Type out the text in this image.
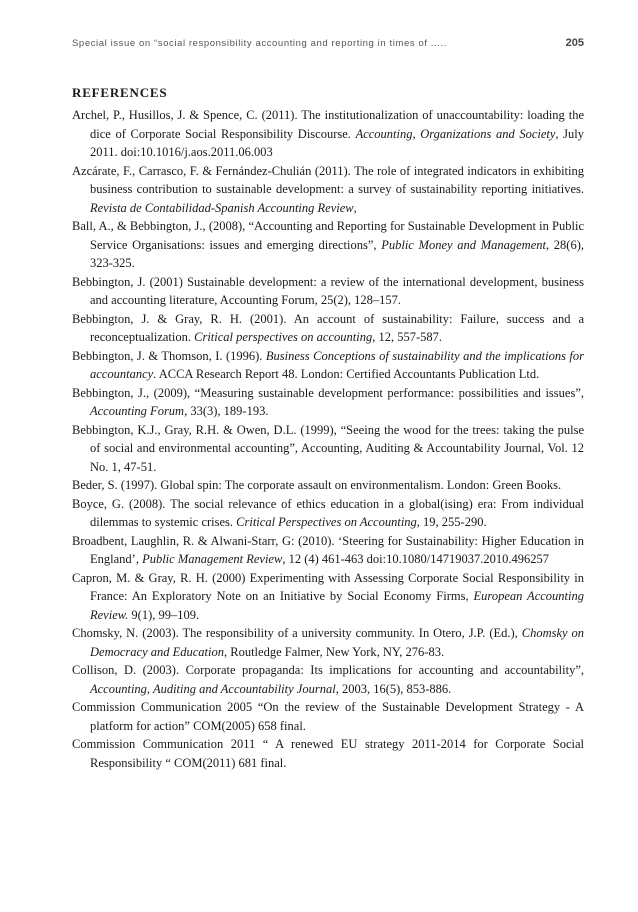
Special issue on “social responsibility accounting and reporting in times of .....	205
REFERENCES
Archel, P., Husillos, J. & Spence, C. (2011). The institutionalization of unaccountability: loading the dice of Corporate Social Responsibility Discourse. Accounting, Organizations and Society, July 2011. doi:10.1016/j.aos.2011.06.003
Azcárate, F., Carrasco, F. & Fernández-Chulián (2011). The role of integrated indicators in exhibiting business contribution to sustainable development: a survey of sustainability reporting initiatives. Revista de Contabilidad-Spanish Accounting Review,
Ball, A., & Bebbington, J., (2008), “Accounting and Reporting for Sustainable Development in Public Service Organisations: issues and emerging directions”, Public Money and Management, 28(6), 323-325.
Bebbington, J. (2001) Sustainable development: a review of the international development, business and accounting literature, Accounting Forum, 25(2), 128–157.
Bebbington, J. & Gray, R. H. (2001). An account of sustainability: Failure, success and a reconceptualization. Critical perspectives on accounting, 12, 557-587.
Bebbington, J. & Thomson, I. (1996). Business Conceptions of sustainability and the implications for accountancy. ACCA Research Report 48. London: Certified Accountants Publication Ltd.
Bebbington, J., (2009), “Measuring sustainable development performance: possibilities and issues”, Accounting Forum, 33(3), 189-193.
Bebbington, K.J., Gray, R.H. & Owen, D.L. (1999), “Seeing the wood for the trees: taking the pulse of social and environmental accounting”, Accounting, Auditing & Accountability Journal, Vol. 12 No. 1, 47-51.
Beder, S. (1997). Global spin: The corporate assault on environmentalism. London: Green Books.
Boyce, G. (2008). The social relevance of ethics education in a global(ising) era: From individual dilemmas to systemic crises. Critical Perspectives on Accounting, 19, 255-290.
Broadbent, Laughlin, R. & Alwani-Starr, G: (2010). ‘Steering for Sustainability: Higher Education in England’, Public Management Review, 12 (4) 461-463 doi:10.1080/14719037.2010.496257
Capron, M. & Gray, R. H. (2000) Experimenting with Assessing Corporate Social Responsibility in France: An Exploratory Note on an Initiative by Social Economy Firms, European Accounting Review. 9(1), 99–109.
Chomsky, N. (2003). The responsibility of a university community. In Otero, J.P. (Ed.), Chomsky on Democracy and Education, Routledge Falmer, New York, NY, 276-83.
Collison, D. (2003). Corporate propaganda: Its implications for accounting and accountability”, Accounting, Auditing and Accountability Journal, 2003, 16(5), 853-886.
Commission Communication 2005 “On the review of the Sustainable Development Strategy - A platform for action” COM(2005) 658 final.
Commission Communication 2011 “ A renewed EU strategy 2011-2014 for Corporate Social Responsibility “ COM(2011) 681 final.
